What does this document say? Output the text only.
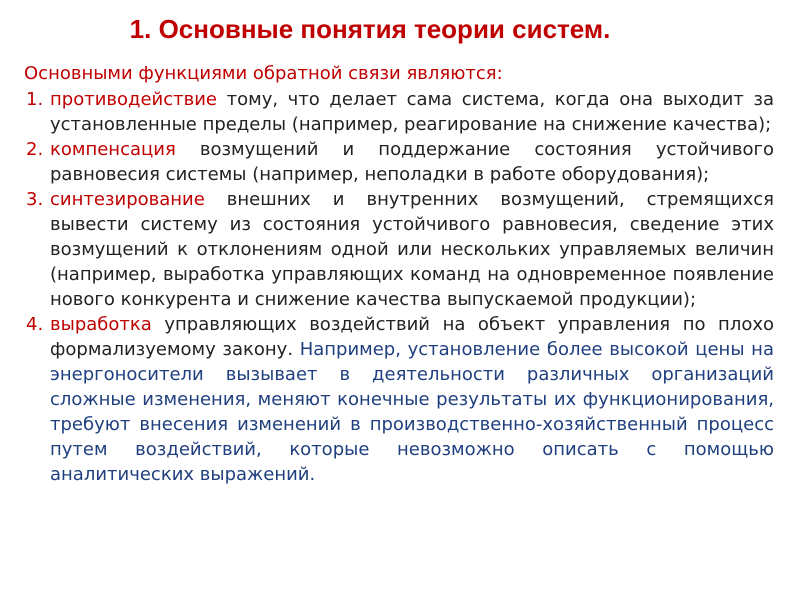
1. Основные понятия теории систем.
Основными функциями обратной связи являются:
1. противодействие тому, что делает сама система, когда она выходит за установленные пределы (например, реагирование на снижение качества);
2. компенсация возмущений и поддержание состояния устойчивого равновесия системы (например, неполадки в работе оборудования);
3. синтезирование внешних и внутренних возмущений, стремящихся вывести систему из состояния устойчивого равновесия, сведение этих возмущений к отклонениям одной или нескольких управляемых величин (например, выработка управляющих команд на одновременное появление нового конкурента и снижение качества выпускаемой продукции);
4. выработка управляющих воздействий на объект управления по плохо формализуемому закону. Например, установление более высокой цены на энергоносители вызывает в деятельности различных организаций сложные изменения, меняют конечные результаты их функционирования, требуют внесения изменений в производственно-хозяйственный процесс путем воздействий, которые невозможно описать с помощью аналитических выражений.
